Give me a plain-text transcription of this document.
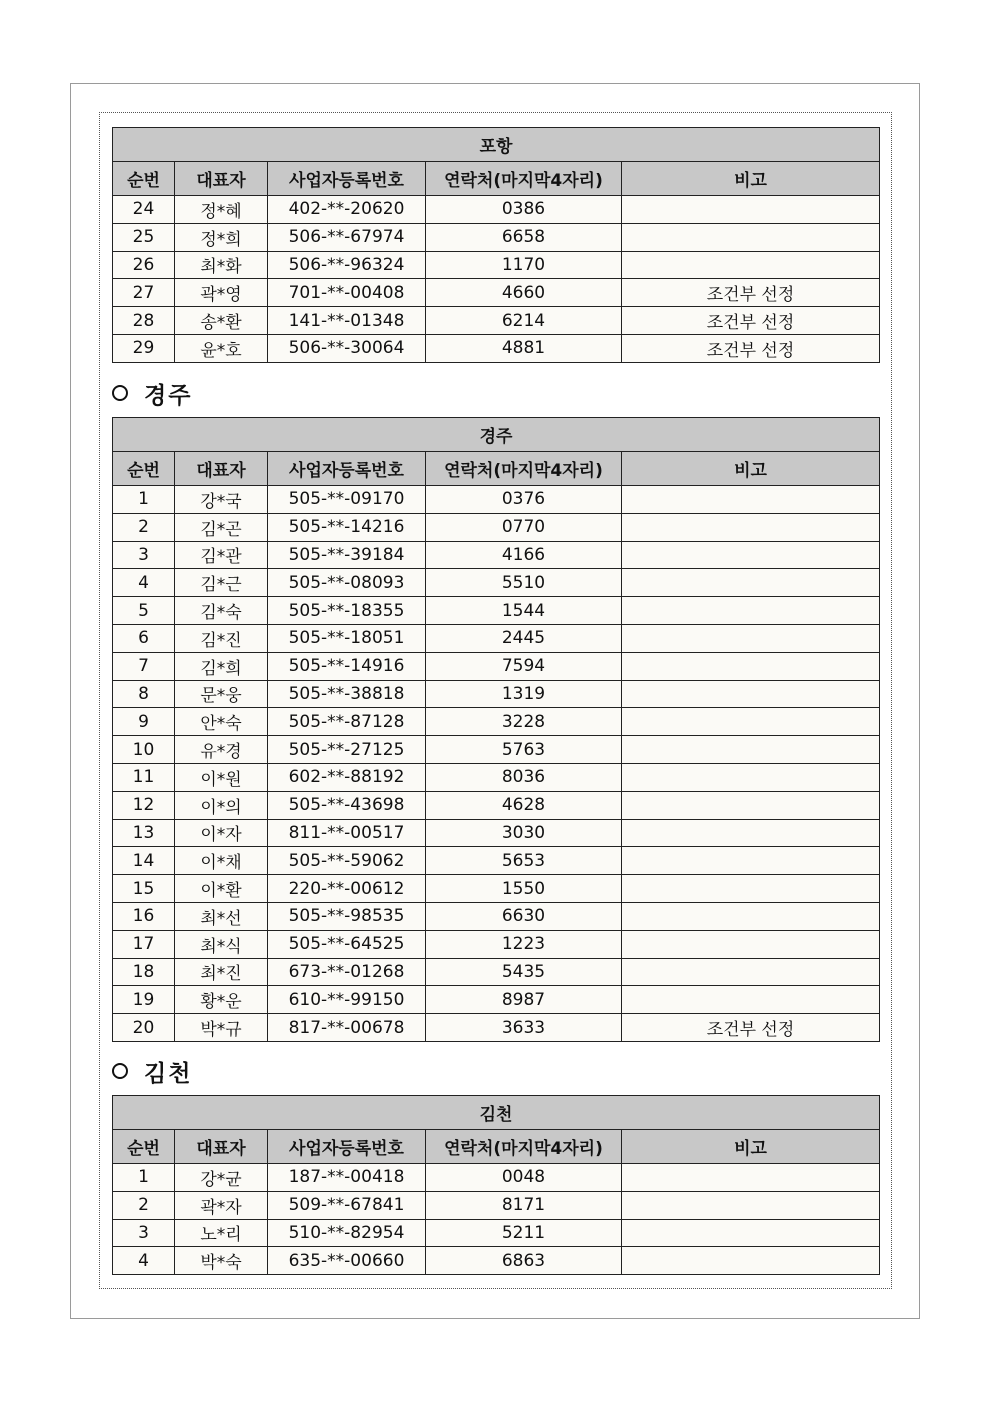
포항				
순번	대표자	사업자등록번호	연락처(마지막4자리)	비고
24	정*혜	402-**-20620	0386	
25	정*희	506-**-67974	6658	
26	최*화	506-**-96324	1170	
27	곽*영	701-**-00408	4660	조건부 선정
28	송*환	141-**-01348	6214	조건부 선정
29	윤*호	506-**-30064	4881	조건부 선정
경주
경주				
순번	대표자	사업자등록번호	연락처(마지막4자리)	비고
1	강*국	505-**-09170	0376	
2	김*곤	505-**-14216	0770	
3	김*관	505-**-39184	4166	
4	김*근	505-**-08093	5510	
5	김*숙	505-**-18355	1544	
6	김*진	505-**-18051	2445	
7	김*희	505-**-14916	7594	
8	문*웅	505-**-38818	1319	
9	안*숙	505-**-87128	3228	
10	유*경	505-**-27125	5763	
11	이*원	602-**-88192	8036	
12	이*의	505-**-43698	4628	
13	이*자	811-**-00517	3030	
14	이*채	505-**-59062	5653	
15	이*환	220-**-00612	1550	
16	최*선	505-**-98535	6630	
17	최*식	505-**-64525	1223	
18	최*진	673-**-01268	5435	
19	황*운	610-**-99150	8987	
20	박*규	817-**-00678	3633	조건부 선정
김천
김천				
순번	대표자	사업자등록번호	연락처(마지막4자리)	비고
1	강*균	187-**-00418	0048	
2	곽*자	509-**-67841	8171	
3	노*리	510-**-82954	5211	
4	박*숙	635-**-00660	6863	
